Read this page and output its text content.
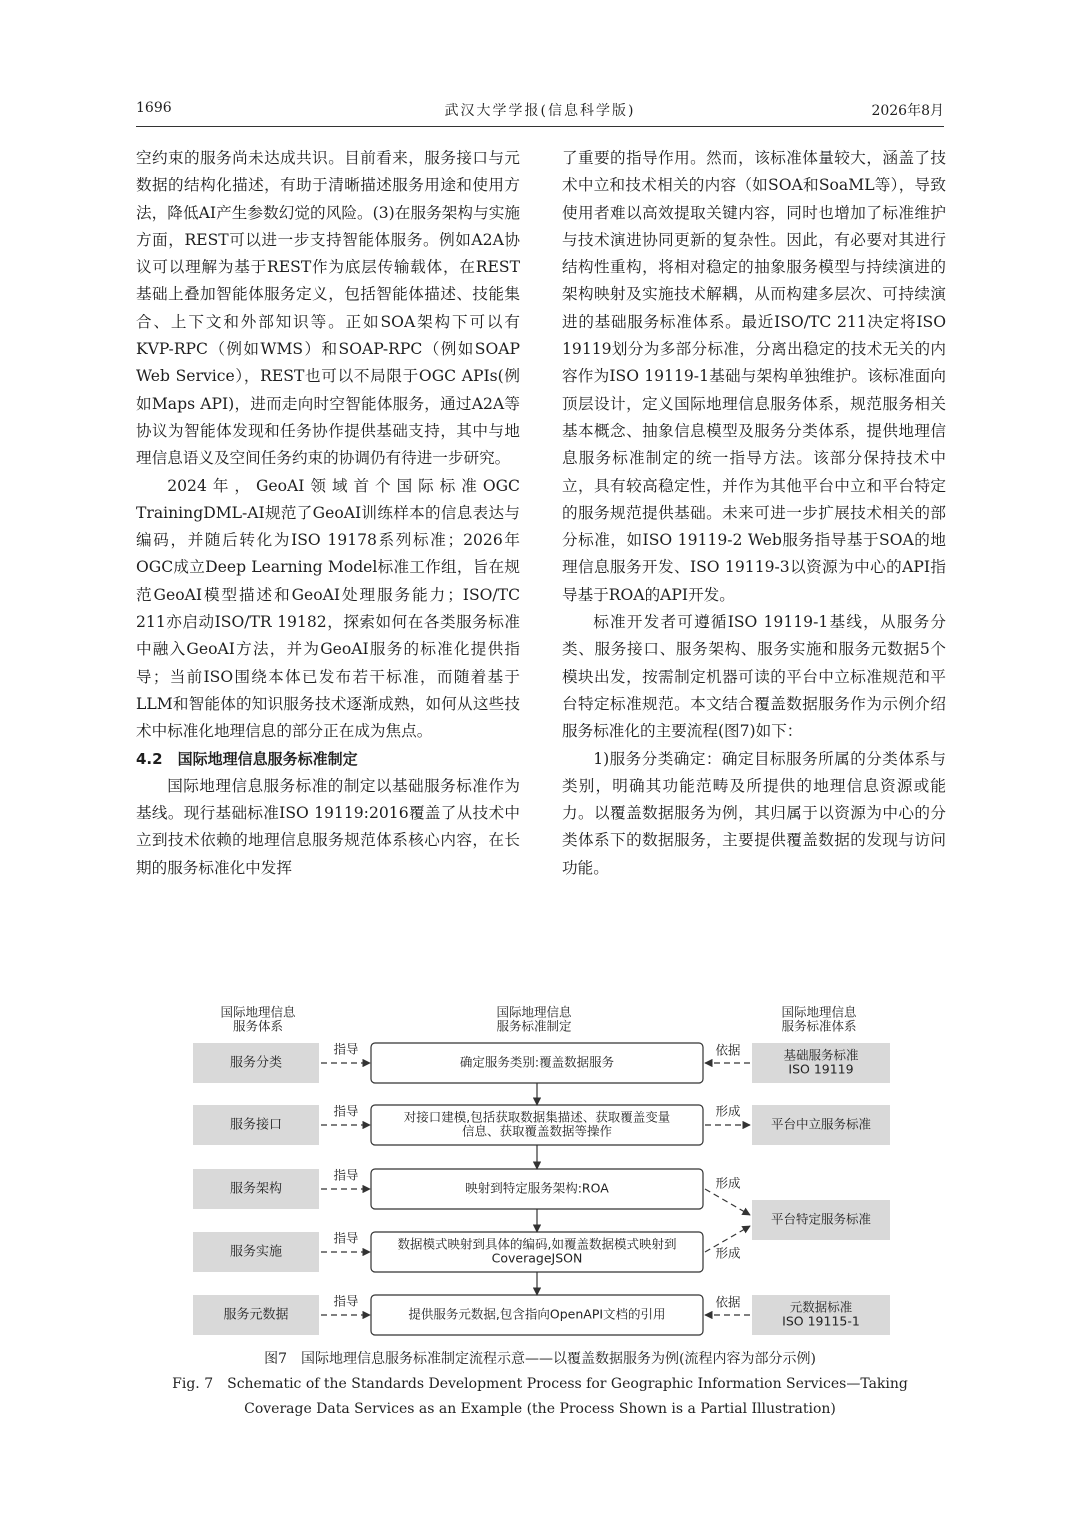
1696	武汉大学学报(信息科学版)	2026年8月

空约束的服务尚未达成共识。目前看来，服务接口与元数据的结构化描述，有助于清晰描述服务用途和使用方法，降低AI产生参数幻觉的风险。(3)在服务架构与实施方面，REST可以进一步支持智能体服务。例如A2A协议可以理解为基于REST作为底层传输载体，在REST基础上叠加智能体服务定义，包括智能体描述、技能集合、上下文和外部知识等。正如SOA架构下可以有KVP-RPC（例如WMS）和SOAP-RPC（例如SOAP Web Service），REST也可以不局限于OGC APIs(例如Maps API)，进而走向时空智能体服务，通过A2A等协议为智能体发现和任务协作提供基础支持，其中与地理信息语义及空间任务约束的协调仍有待进一步研究。

2024年，GeoAI领域首个国际标准OGC TrainingDML-AI规范了GeoAI训练样本的信息表达与编码，并随后转化为ISO 19178系列标准；2026年OGC成立Deep Learning Model标准工作组，旨在规范GeoAI模型描述和GeoAI处理服务能力；ISO/TC 211亦启动ISO/TR 19182，探索如何在各类服务标准中融入GeoAI方法，并为GeoAI服务的标准化提供指导；当前ISO围绕本体已发布若干标准，而随着基于LLM和智能体的知识服务技术逐渐成熟，如何从这些技术中标准化地理信息的部分正在成为焦点。

4.2　国际地理信息服务标准制定

国际地理信息服务标准的制定以基础服务标准作为基线。现行基础标准ISO 19119:2016覆盖了从技术中立到技术依赖的地理信息服务规范体系核心内容，在长期的服务标准化中发挥

了重要的指导作用。然而，该标准体量较大，涵盖了技术中立和技术相关的内容（如SOA和SoaML等），导致使用者难以高效提取关键内容，同时也增加了标准维护与技术演进协同更新的复杂性。因此，有必要对其进行结构性重构，将相对稳定的抽象服务模型与持续演进的架构映射及实施技术解耦，从而构建多层次、可持续演进的基础服务标准体系。最近ISO/TC 211决定将ISO 19119划分为多部分标准，分离出稳定的技术无关的内容作为ISO 19119-1基础与架构单独维护。该标准面向顶层设计，定义国际地理信息服务体系，规范服务相关基本概念、抽象信息模型及服务分类体系，提供地理信息服务标准制定的统一指导方法。该部分保持技术中立，具有较高稳定性，并作为其他平台中立和平台特定的服务规范提供基础。未来可进一步扩展技术相关的部分标准，如ISO 19119-2 Web服务指导基于SOA的地理信息服务开发、ISO 19119-3以资源为中心的API指导基于ROA的API开发。

标准开发者可遵循ISO 19119-1基线，从服务分类、服务接口、服务架构、服务实施和服务元数据5个模块出发，按需制定机器可读的平台中立标准规范和平台特定标准规范。本文结合覆盖数据服务作为示例介绍服务标准化的主要流程(图7)如下：

1)服务分类确定：确定目标服务所属的分类体系与类别，明确其功能范畴及所提供的地理信息资源或能力。以覆盖数据服务为例，其归属于以资源为中心的分类体系下的数据服务，主要提供覆盖数据的发现与访问功能。

国际地理信息
服务体系
国际地理信息
服务标准制定
国际地理信息
服务标准体系
服务分类
指导
服务接口
指导
服务架构
指导
服务实施
指导
服务元数据
指导
确定服务类别:覆盖数据服务
对接口建模,包括获取数据集描述、获取覆盖变量
信息、获取覆盖数据等操作
映射到特定服务架构:ROA
数据模式映射到具体的编码,如覆盖数据模式映射到
CoverageJSON
提供服务元数据,包含指向OpenAPI文档的引用
基础服务标准
ISO 19119
平台中立服务标准
平台特定服务标准
元数据标准
ISO 19115-1
依据
依据
形成
形成
形成
图7　国际地理信息服务标准制定流程示意——以覆盖数据服务为例(流程内容为部分示例)
Fig. 7　Schematic of the Standards Development Process for Geographic Information Services—Taking Coverage Data Services as an Example (the Process Shown is a Partial Illustration)
